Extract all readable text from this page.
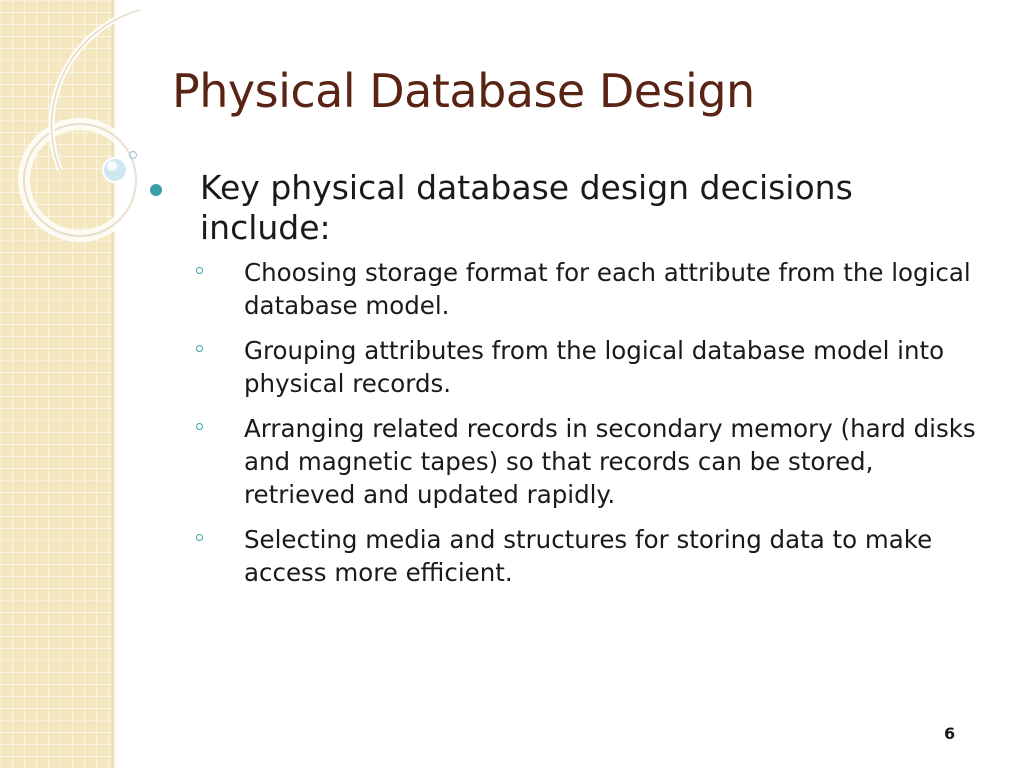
Physical Database Design
Key physical database design decisions include:
Choosing storage format for each attribute from the logical database model.
Grouping attributes from the logical database model into physical records.
Arranging related records in secondary memory (hard disks and magnetic tapes) so that records can be stored, retrieved and updated rapidly.
Selecting media and structures for storing data to make access more efficient.
6
